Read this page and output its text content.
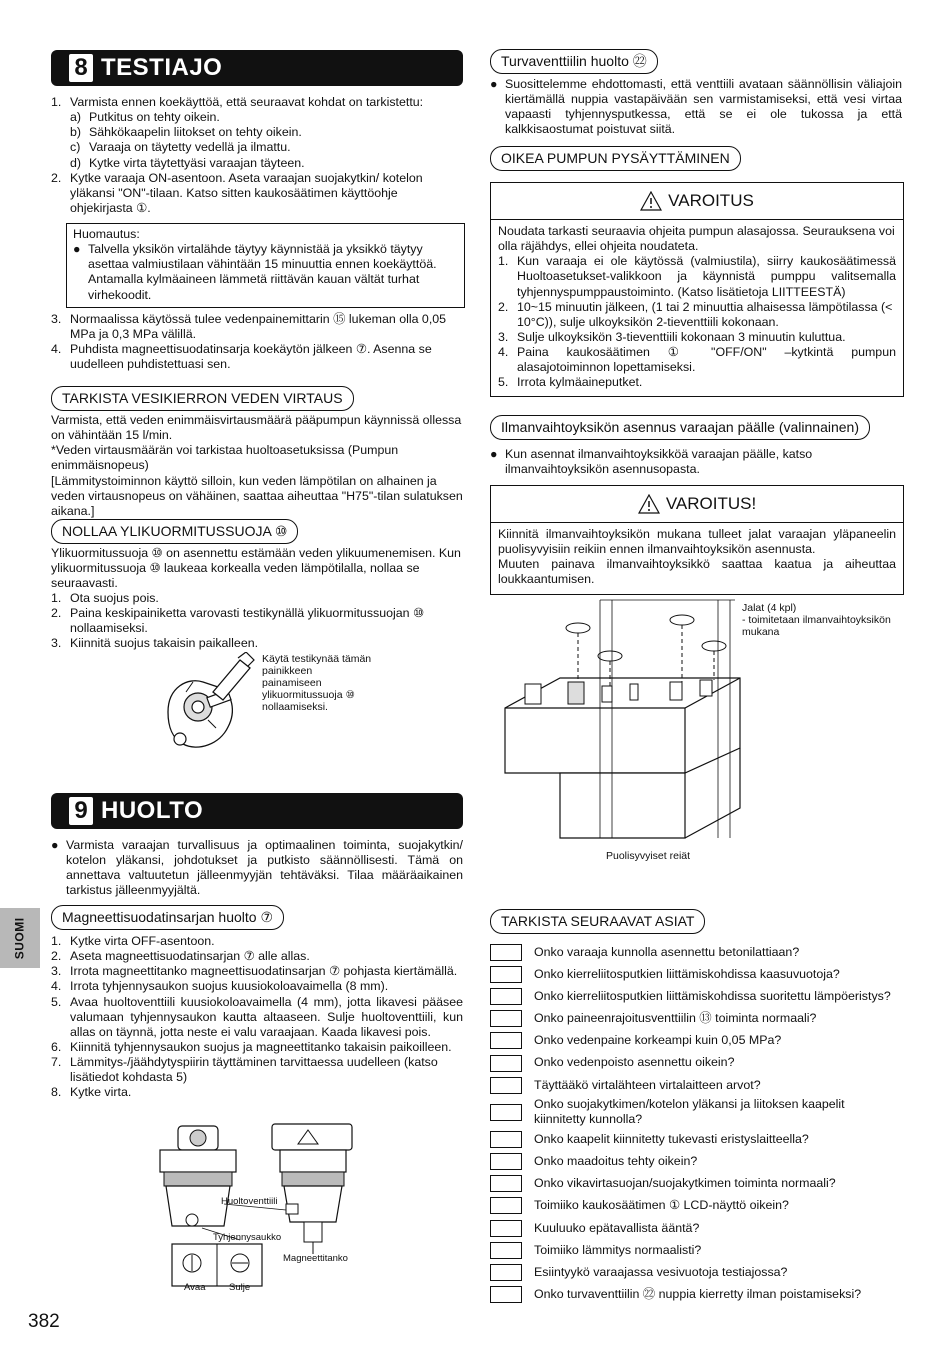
8 TESTIAJO
1. Varmista ennen koekäyttöä, että seuraavat kohdat on tarkistettu:
a) Putkitus on tehty oikein.
b) Sähkökaapelin liitokset on tehty oikein.
c) Varaaja on täytetty vedellä ja ilmattu.
d) Kytke virta täytettyäsi varaajan täyteen.
2. Kytke varaaja ON-asentoon. Aseta varaajan suojakytkin/ kotelon yläkansi "ON"-tilaan. Katso sitten kaukosäätimen käyttöohje ohjekirjasta ①.
Huomautus:
● Talvella yksikön virtalähde täytyy käynnistää ja yksikkö täytyy asettaa valmiustilaan vähintään 15 minuuttia ennen koekäyttöä. Antamalla kylmäaineen lämmetä riittävän kauan vältät turhat virhekoodit.
3. Normaalissa käytössä tulee vedenpainemittarin ⑮ lukeman olla 0,05 MPa ja 0,3 MPa välillä.
4. Puhdista magneettisuodatinsarja koekäytön jälkeen ⑦. Asenna se uudelleen puhdistettuasi sen.
TARKISTA VESIKIERRON VEDEN VIRTAUS
Varmista, että veden enimmäisvirtausmäärä pääpumpun käynnissä ollessa on vähintään 15 l/min.
*Veden virtausmäärän voi tarkistaa huoltoasetuksissa (Pumpun enimmäisnopeus)
[Lämmitystoiminnon käyttö silloin, kun veden lämpötilan on alhainen ja veden virtausnopeus on vähäinen, saattaa aiheuttaa "H75"-tilan sulatuksen aikana.]
NOLLAA YLIKUORMITUSSUOJA ⑩
Ylikuormitussuoja ⑩ on asennettu estämään veden ylikuumenemisen. Kun ylikuormitussuoja ⑩ laukeaa korkealla veden lämpötilalla, nollaa se seuraavasti.
1. Ota suojus pois.
2. Paina keskipainiketta varovasti testikynällä ylikuormitussuojan ⑩ nollaamiseksi.
3. Kiinnitä suojus takaisin paikalleen.
Käytä testikynää tämän painikkeen painamiseen ylikuormitussuoja ⑩ nollaamiseksi.
9 HUOLTO
● Varmista varaajan turvallisuus ja optimaalinen toiminta, suojakytkin/ kotelon yläkansi, johdotukset ja putkisto säännöllisesti. Tämä on annettava valtuutetun jälleenmyyjän tehtäväksi. Tilaa määräaikainen tarkistus jälleenmyyjältä.
SUOMI
Magneettisuodatinsarjan huolto ⑦
1. Kytke virta OFF-asentoon.
2. Aseta magneettisuodatinsarjan ⑦ alle allas.
3. Irrota magneettitanko magneettisuodatinsarjan ⑦ pohjasta kiertämällä.
4. Irrota tyhjennysaukon suojus kuusiokoloavaimella (8 mm).
5. Avaa huoltoventtiili kuusiokoloavaimella (4 mm), jotta likavesi pääsee valumaan tyhjennysaukon kautta altaaseen. Sulje huoltoventtiili, kun allas on täynnä, jotta neste ei valu varaajaan. Kaada likavesi pois.
6. Kiinnitä tyhjennysaukon suojus ja magneettitanko takaisin paikoilleen.
7. Lämmitys-/jäähdytyspiirin täyttäminen tarvittaessa uudelleen (katso lisätiedot kohdasta 5)
8. Kytke virta.
Huoltoventtiili
Tyhjennysaukko
Magneettitanko
Avaa Sulje
382
Turvaventtiilin huolto ㉒
● Suosittelemme ehdottomasti, että venttiili avataan säännöllisin väliajoin kiertämällä nuppia vastapäivään sen varmistamiseksi, että vesi virtaa vapaasti tyhjennysputkessa, että se ei ole tukossa ja että kalkkisaostumat poistuvat siitä.
OIKEA PUMPUN PYSÄYTTÄMINEN
VAROITUS
Noudata tarkasti seuraavia ohjeita pumpun alasajossa. Seurauksena voi olla räjähdys, ellei ohjeita noudateta.
1. Kun varaaja ei ole käytössä (valmiustila), siirry kaukosäätimessä Huoltoasetukset-valikkoon ja käynnistä pumppu valitsemalla tyhjennyspumppaustoiminto. (Katso lisätietoja LIITTEESTÄ)
2. 10~15 minuutin jälkeen, (1 tai 2 minuuttia alhaisessa lämpötilassa (< 10°C)), sulje ulkoyksikön 2-tieventtiili kokonaan.
3. Sulje ulkoyksikön 3-tieventtiili kokonaan 3 minuutin kuluttua.
4. Paina kaukosäätimen ① "OFF/ON" –kytkintä pumpun alasajotoiminnon lopettamiseksi.
5. Irrota kylmäaineputket.
Ilmanvaihtoyksikön asennus varaajan päälle (valinnainen)
● Kun asennat ilmanvaihtoyksikköä varaajan päälle, katso ilmanvaihtoyksikön asennusopasta.
VAROITUS!
Kiinnitä ilmanvaihtoyksikön mukana tulleet jalat varaajan yläpaneelin puolisyvyisiin reikiin ennen ilmanvaihtoyksikön asennusta.
Muuten painava ilmanvaihtoyksikkö saattaa kaatua ja aiheuttaa loukkaantumisen.
Jalat (4 kpl)
- toimitetaan ilmanvaihtoyksikön mukana
Puolisyvyiset reiät
TARKISTA SEURAAVAT ASIAT
Onko varaaja kunnolla asennettu betonilattiaan?
Onko kierreliitosputkien liittämiskohdissa kaasuvuotoja?
Onko kierreliitosputkien liittämiskohdissa suoritettu lämpöeristys?
Onko paineenrajoitusventtiilin ⑬ toiminta normaali?
Onko vedenpaine korkeampi kuin 0,05 MPa?
Onko vedenpoisto asennettu oikein?
Täyttääkö virtalähteen virtalaitteen arvot?
Onko suojakytkimen/kotelon yläkansi ja liitoksen kaapelit kiinnitetty kunnolla?
Onko kaapelit kiinnitetty tukevasti eristyslaitteella?
Onko maadoitus tehty oikein?
Onko vikavirtasuojan/suojakytkimen toiminta normaali?
Toimiiko kaukosäätimen ① LCD-näyttö oikein?
Kuuluuko epätavallista ääntä?
Toimiiko lämmitys normaalisti?
Esiintyykö varaajassa vesivuotoja testiajossa?
Onko turvaventtiilin ㉒ nuppia kierretty ilman poistamiseksi?
